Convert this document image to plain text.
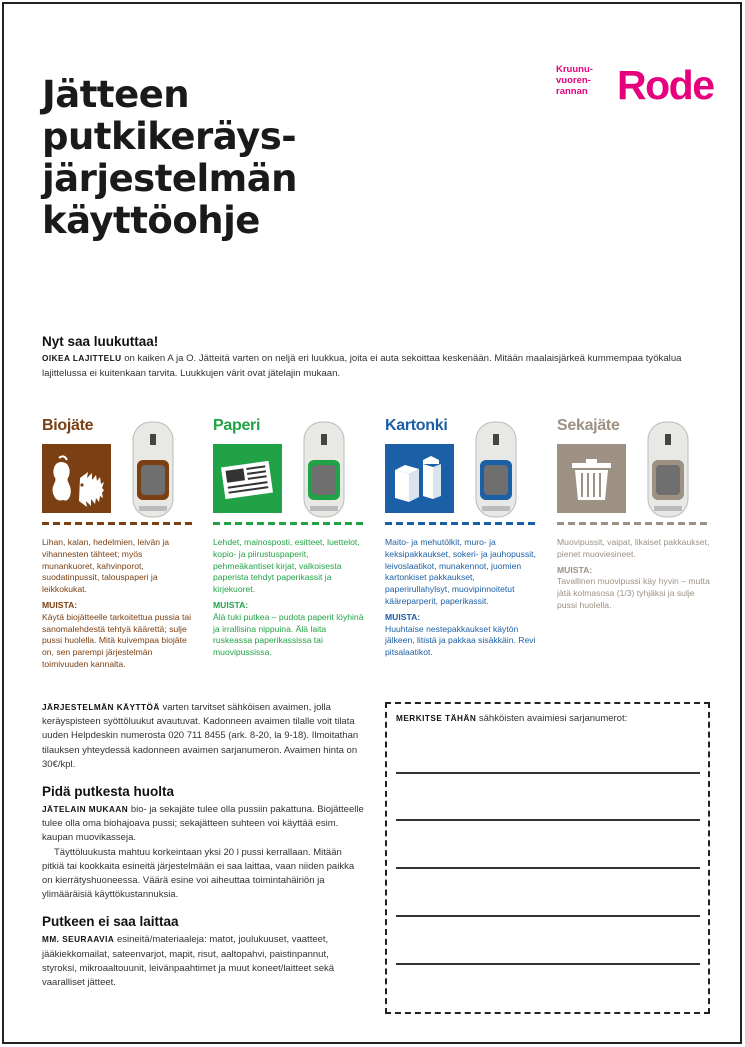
Jätteen
putkikeräys-
järjestelmän
käyttöohje
Kruunu-
vuoren-
rannan Rode
Nyt saa luukuttaa!
OIKEA LAJITTELU on kaiken A ja O. Jätteitä varten on neljä eri luukkua, joita ei auta sekoittaa keskenään. Mitään maalaisjärkeä kummempaa työkalua lajittelussa ei kuitenkaan tarvita. Luukkujen värit ovat jätelajin mukaan.
Biojäte
Lihan, kalan, hedelmien, leivän ja vihannesten tähteet; myös munankuoret, kahvinporot, suodatinpussit, talouspaperi ja leikkokukat.
MUISTA:
Käytä biojätteelle tarkoitettua pussia tai sanomalehdestä tehtyä käärettä; sulje pussi huolella. Mitä kuivempaa biojäte on, sen parempi järjestelmän toimivuuden kannalta.
Paperi
Lehdet, mainosposti, esitteet, luettelot, kopio- ja piirustuspaperit, pehmeäkantiset kirjat, valkoisesta paperista tehdyt paperikassit ja kirjekuoret.
MUISTA:
Älä tuki putkea – pudota paperit löyhinä ja irrallisina nippuina. Älä laita ruskeassa paperikassissa tai muovipussissa.
Kartonki
Maito- ja mehutölkit, muro- ja keksipakkaukset, sokeri- ja jauhopussit, leivoslaatikot, munakennot, juomien kartonkiset pakkaukset, paperirullahylsyt, muovipinnoitetut kääreparperit, paperikassit.
MUISTA:
Huuhtaise nestepakkaukset käytön jälkeen, litistä ja pakkaa sisäkkäin. Revi pitsalaatikot.
Sekajäte
Muovipussit, vaipat, likaiset pakkaukset, pienet muoviesineet.
MUISTA:
Tavallinen muovipussi käy hyvin – mutta jätä kolmasosa (1/3) tyhjäksi ja sulje pussi huolella.

JÄRJESTELMÄN KÄYTTÖÄ varten tarvitset sähköisen avaimen, jolla keräyspisteen syöttöluukut avautuvat. Kadonneen avaimen tilalle voit tilata uuden Helpdeskin numerosta 020 711 8455 (ark. 8-20, la 9-18). Ilmoitathan tilauksen yhteydessä kadonneen avaimen sarjanumeron. Avaimen hinta on 30€/kpl.

Pidä putkesta huolta

JÄTELAIN MUKAAN bio- ja sekajäte tulee olla pussiin pakattuna. Biojätteelle tulee olla oma biohajoava pussi; sekajätteen suhteen voi käyttää esim. kaupan muovikasseja.

Täyttöluukusta mahtuu korkeintaan yksi 20 l pussi kerrallaan. Mitään pitkiä tai kookkaita esineitä järjestelmään ei saa laittaa, vaan niiden paikka on kierrätyshuoneessa. Väärä esine voi aiheuttaa toimintahäiriön ja ylimääräisiä käyttökustannuksia.

Putkeen ei saa laittaa

MM. SEURAAVIA esineitä/materiaaleja: matot, joulukuuset, vaatteet, jääkiekkomailat, sateenvarjot, mapit, risut, aaltopahvi, paistinpannut, styroksi, mikroaaltouunit, leivänpaahtimet ja muut koneet/laitteet sekä vaaralliset jätteet.

MERKITSE TÄHÄN sähköisten avaimiesi sarjanumerot:
